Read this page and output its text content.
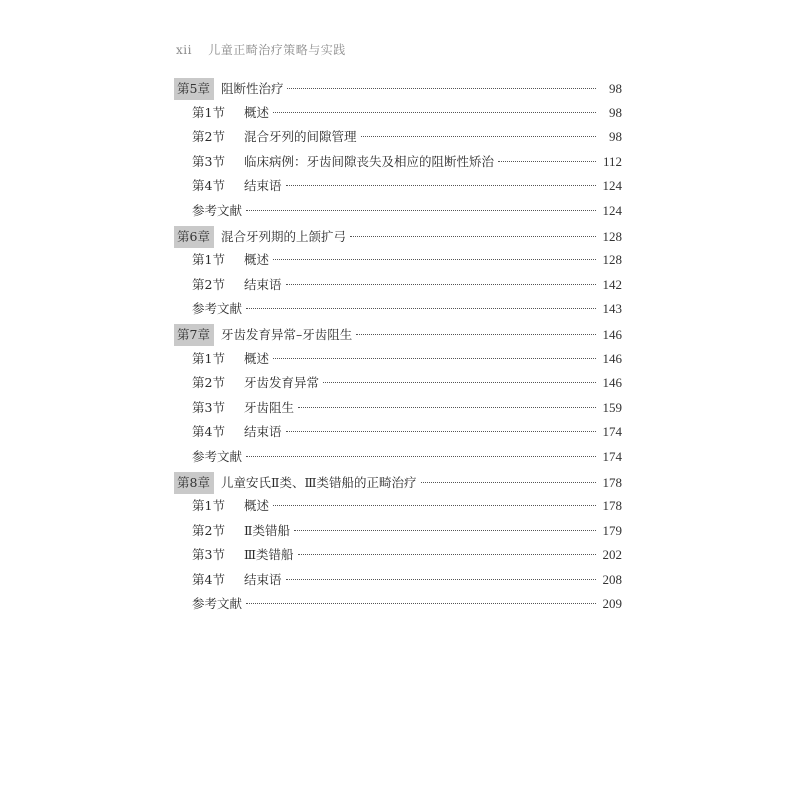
xii 儿童正畸治疗策略与实践
第5章 阻断性治疗	98
第1节	概述	98
第2节	混合牙列的间隙管理	98
第3节	临床病例：牙齿间隙丧失及相应的阻断性矫治	112
第4节	结束语	124
参考文献	124
第6章 混合牙列期的上颌扩弓	128
第1节	概述	128
第2节	结束语	142
参考文献	143
第7章 牙齿发育异常–牙齿阻生	146
第1节	概述	146
第2节	牙齿发育异常	146
第3节	牙齿阻生	159
第4节	结束语	174
参考文献	174
第8章 儿童安氏Ⅱ类、Ⅲ类错船的正畸治疗	178
第1节	概述	178
第2节	Ⅱ类错船	179
第3节	Ⅲ类错船	202
第4节	结束语	208
参考文献	209
